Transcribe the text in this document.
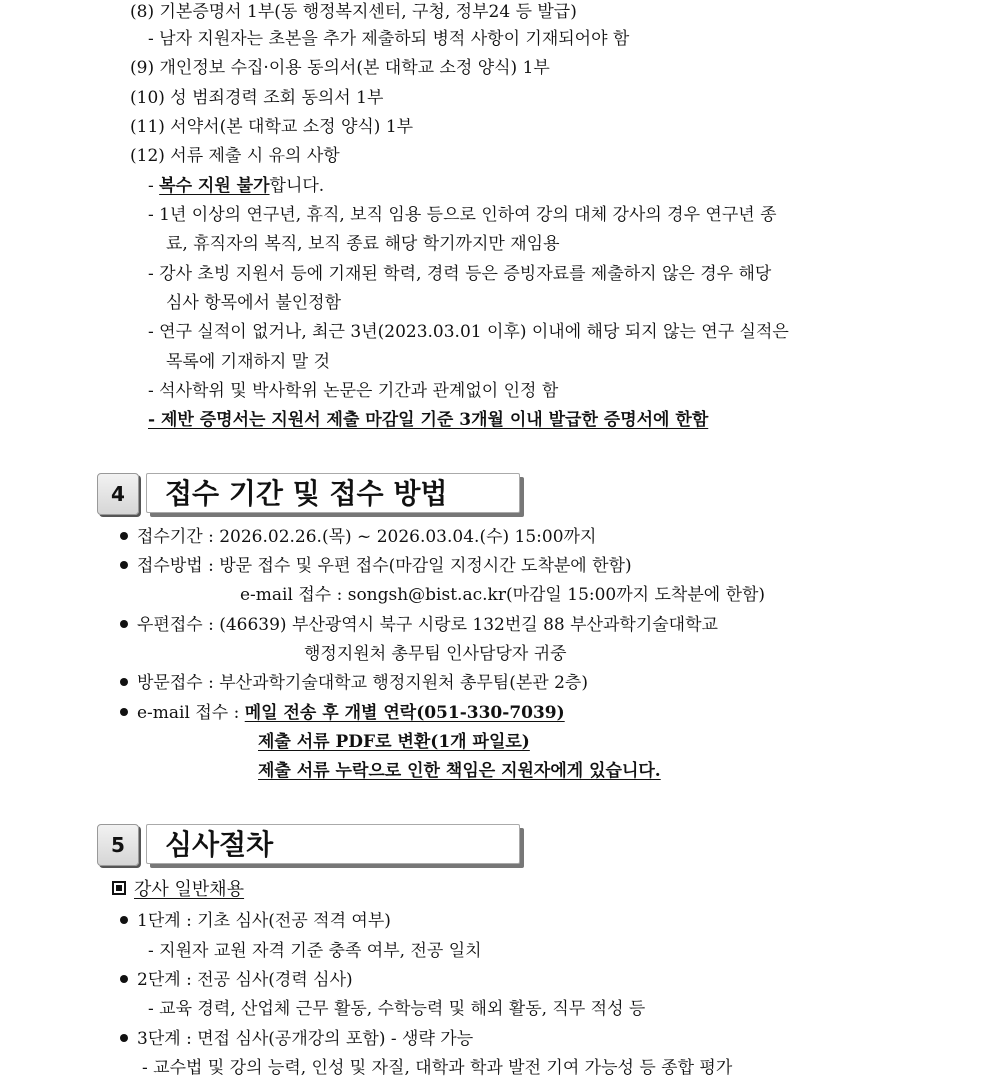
(8) 기본증명서 1부(동 행정복지센터, 구청, 정부24 등 발급)
- 남자 지원자는 초본을 추가 제출하되 병적 사항이 기재되어야 함
(9) 개인정보 수집·이용 동의서(본 대학교 소정 양식) 1부
(10) 성 범죄경력 조회 동의서 1부
(11) 서약서(본 대학교 소정 양식) 1부
(12) 서류 제출 시 유의 사항
- 복수 지원 불가합니다.
- 1년 이상의 연구년, 휴직, 보직 임용 등으로 인하여 강의 대체 강사의 경우 연구년 종
료, 휴직자의 복직, 보직 종료 해당 학기까지만 재임용
- 강사 초빙 지원서 등에 기재된 학력, 경력 등은 증빙자료를 제출하지 않은 경우 해당
심사 항목에서 불인정함
- 연구 실적이 없거나, 최근 3년(2023.03.01 이후) 이내에 해당 되지 않는 연구 실적은
목록에 기재하지 말 것
- 석사학위 및 박사학위 논문은 기간과 관계없이 인정 함
- 제반 증명서는 지원서 제출 마감일 기준 3개월 이내 발급한 증명서에 한함
4	접수 기간 및 접수 방법
접수기간 : 2026.02.26.(목) ~ 2026.03.04.(수) 15:00까지
접수방법 : 방문 접수 및 우편 접수(마감일 지정시간 도착분에 한함)
e-mail 접수 : songsh@bist.ac.kr(마감일 15:00까지 도착분에 한함)
우편접수 : (46639) 부산광역시 북구 시랑로 132번길 88 부산과학기술대학교
행정지원처 총무팀 인사담당자 귀중
방문접수 : 부산과학기술대학교 행정지원처 총무팀(본관 2층)
e-mail 접수 : 메일 전송 후 개별 연락(051-330-7039)
제출 서류 PDF로 변환(1개 파일로)
제출 서류 누락으로 인한 책임은 지원자에게 있습니다.
5	심사절차
강사 일반채용
1단계 : 기초 심사(전공 적격 여부)
- 지원자 교원 자격 기준 충족 여부, 전공 일치
2단계 : 전공 심사(경력 심사)
- 교육 경력, 산업체 근무 활동, 수학능력 및 해외 활동, 직무 적성 등
3단계 : 면접 심사(공개강의 포함) - 생략 가능
- 교수법 및 강의 능력, 인성 및 자질, 대학과 학과 발전 기여 가능성 등 종합 평가
